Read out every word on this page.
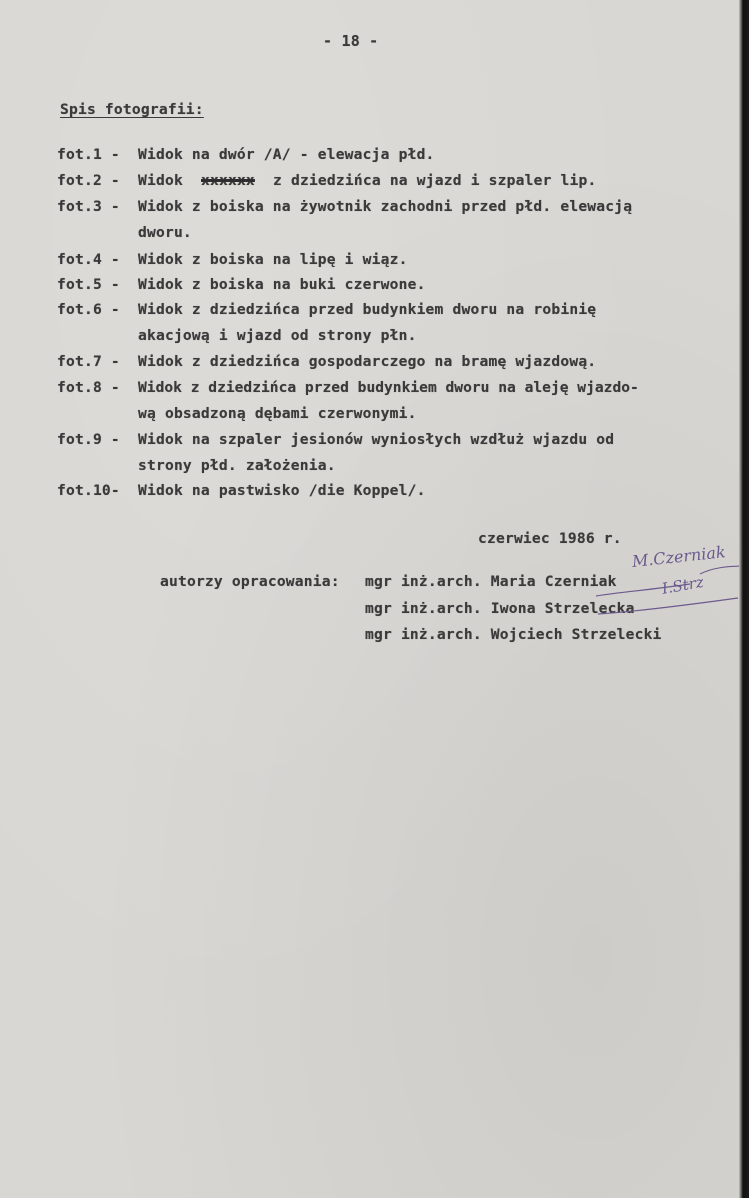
- 18 -
Spis fotografii:
fot.1 - Widok na dwór /A/ - elewacja płd.
fot.2 - Widok xxxxxx z dziedzińca na wjazd i szpaler lip.
fot.3 - Widok z boiska na żywotnik zachodni przed płd. elewacją
dworu.
fot.4 - Widok z boiska na lipę i wiąz.
fot.5 - Widok z boiska na buki czerwone.
fot.6 - Widok z dziedzińca przed budynkiem dworu na robinię
akacjową i wjazd od strony płn.
fot.7 - Widok z dziedzińca gospodarczego na bramę wjazdową.
fot.8 - Widok z dziedzińca przed budynkiem dworu na aleję wjazdo-
wą obsadzoną dębami czerwonymi.
fot.9 - Widok na szpaler jesionów wyniosłych wzdłuż wjazdu od
strony płd. założenia.
fot.10- Widok na pastwisko /die Koppel/.
czerwiec 1986 r.
autorzy opracowania: mgr inż.arch. Maria Czerniak
mgr inż.arch. Iwona Strzelecka
mgr inż.arch. Wojciech Strzelecki
M.Czerniak
I.Strz
